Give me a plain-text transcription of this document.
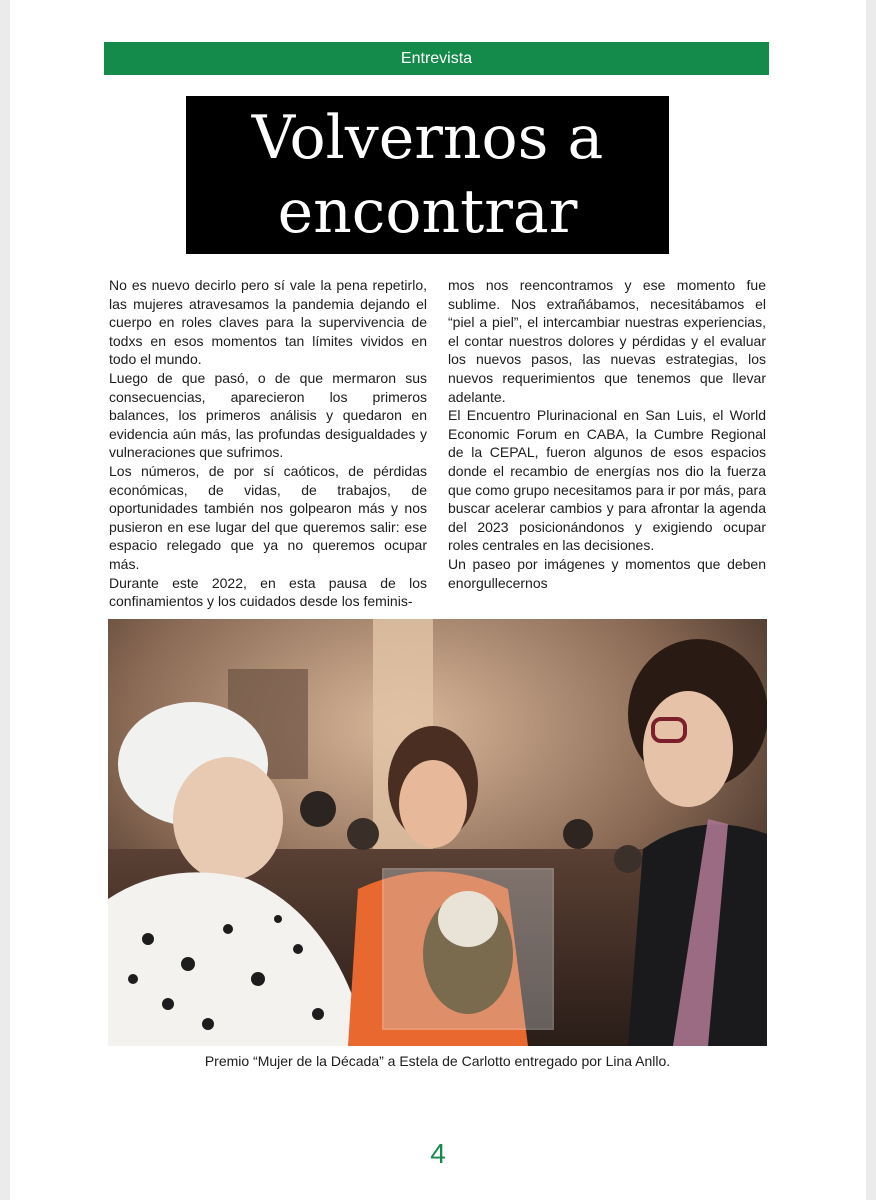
Entrevista
Volvernos a
encontrar

No es nuevo decirlo pero sí vale la pena repetirlo, las mujeres atravesamos la pandemia dejando el cuerpo en roles claves para la supervivencia de todxs en esos momentos tan límites vividos en todo el mundo.

Luego de que pasó, o de que mermaron sus consecuencias, aparecieron los primeros balances, los primeros análisis y quedaron en evidencia aún más, las profundas desigualdades y vulneraciones que sufrimos.

Los números, de por sí caóticos, de pérdidas económicas, de vidas, de trabajos, de oportunidades también nos golpearon más y nos pusieron en ese lugar del que queremos salir: ese espacio relegado que ya no queremos ocupar más.

Durante este 2022, en esta pausa de los confinamientos y los cuidados desde los feminis-

mos nos reencontramos y ese momento fue sublime. Nos extrañábamos, necesitábamos el “piel a piel”, el intercambiar nuestras experiencias, el contar nuestros dolores y pérdidas y el evaluar los nuevos pasos, las nuevas estrategias, los nuevos requerimientos que tenemos que llevar adelante.

El Encuentro Plurinacional en San Luis, el World Economic Forum en CABA, la Cumbre Regional de la CEPAL, fueron algunos de esos espacios donde el recambio de energías nos dio la fuerza que como grupo necesitamos para ir por más, para buscar acelerar cambios y para afrontar la agenda del 2023 posicionándonos y exigiendo ocupar roles centrales en las decisiones.

Un paseo por imágenes y momentos que deben enorgullecernos

Premio “Mujer de la Década” a Estela de Carlotto entregado por Lina Anllo.
4
